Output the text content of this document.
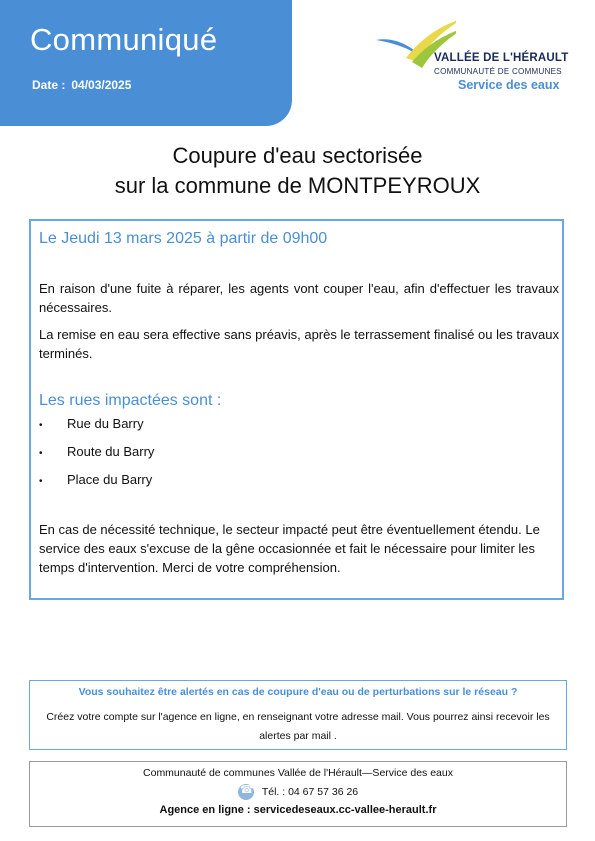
Communiqué
Date : 04/03/2025
VALLÉE DE L'HÉRAULT
COMMUNAUTÉ DE COMMUNES
Service des eaux
Coupure d'eau sectorisée
sur la commune de MONTPEYROUX
Le Jeudi 13 mars 2025 à partir de 09h00
En raison d'une fuite à réparer, les agents vont couper l'eau, afin d'effectuer les travaux nécessaires.
La remise en eau sera effective sans préavis, après le terrassement finalisé ou les travaux terminés.
Les rues impactées sont :
• Rue du Barry
• Route du Barry
• Place du Barry
En cas de nécessité technique, le secteur impacté peut être éventuellement étendu. Le service des eaux s'excuse de la gêne occasionnée et fait le nécessaire pour limiter les temps d'intervention. Merci de votre compréhension.
Vous souhaitez être alertés en cas de coupure d'eau ou de perturbations sur le réseau ?
Créez votre compte sur l'agence en ligne, en renseignant votre adresse mail. Vous pourrez ainsi recevoir les alertes par mail .
Communauté de communes Vallée de l'Hérault—Service des eaux
☎Tél. : 04 67 57 36 26
Agence en ligne : servicedeseaux.cc-vallee-herault.fr
